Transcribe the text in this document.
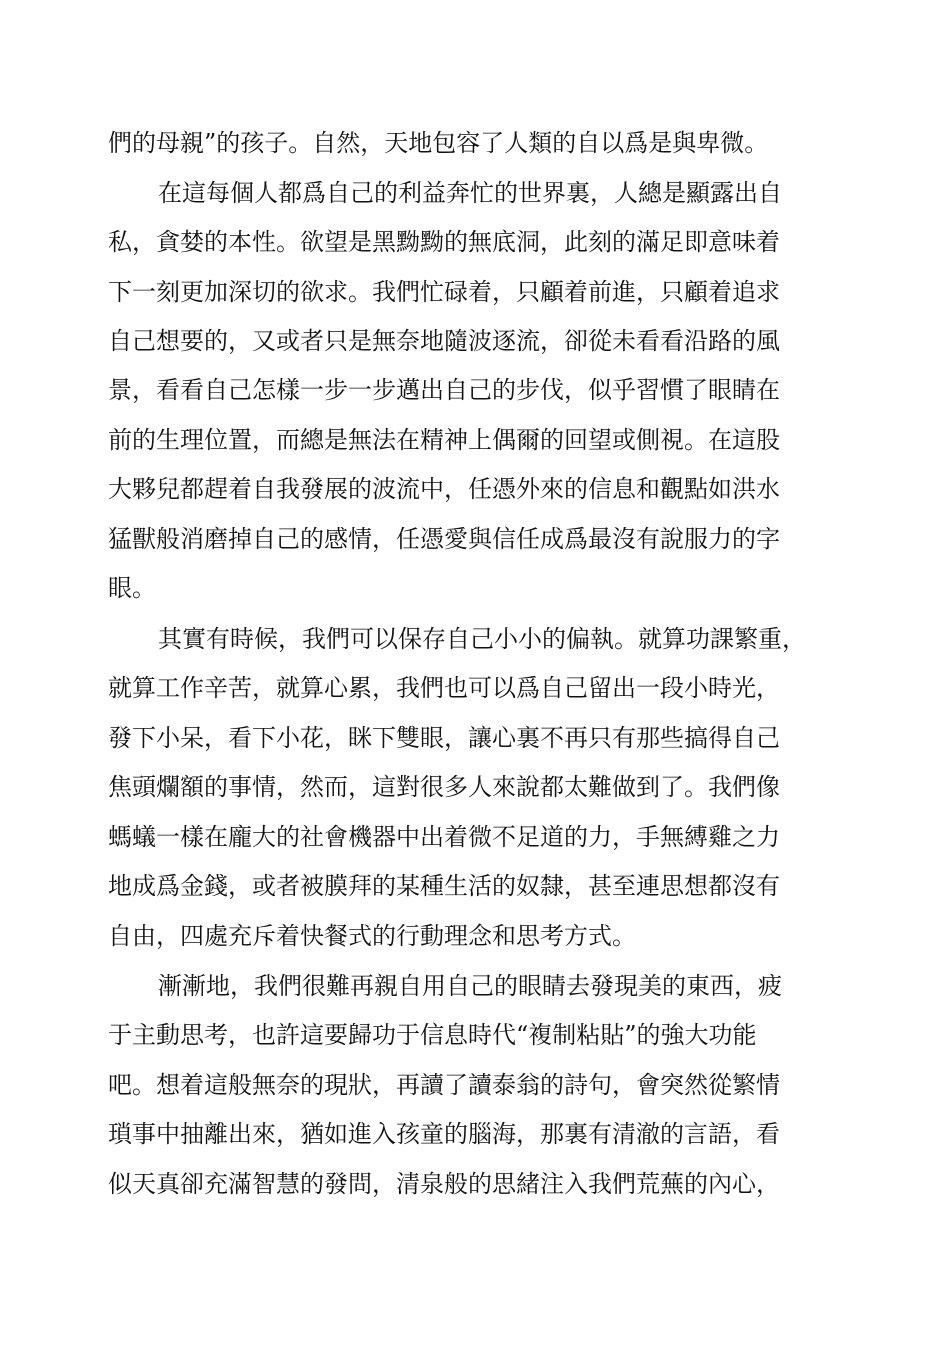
們的母親”的孩子。自然，天地包容了人類的自以爲是與卑微。
在這每個人都爲自己的利益奔忙的世界裏，人總是顯露出自
私，貪婪的本性。欲望是黑黝黝的無底洞，此刻的滿足即意味着
下一刻更加深切的欲求。我們忙碌着，只顧着前進，只顧着追求
自己想要的，又或者只是無奈地隨波逐流，卻從未看看沿路的風
景，看看自己怎樣一步一步邁出自己的步伐，似乎習慣了眼睛在
前的生理位置，而總是無法在精神上偶爾的回望或側視。在這股
大夥兒都趕着自我發展的波流中，任憑外來的信息和觀點如洪水
猛獸般消磨掉自己的感情，任憑愛與信任成爲最沒有說服力的字
眼。
其實有時候，我們可以保存自己小小的偏執。就算功課繁重，
就算工作辛苦，就算心累，我們也可以爲自己留出一段小時光，
發下小呆，看下小花，眯下雙眼，讓心裏不再只有那些搞得自己
焦頭爛額的事情，然而，這對很多人來說都太難做到了。我們像
螞蟻一樣在龐大的社會機器中出着微不足道的力，手無縛雞之力
地成爲金錢，或者被膜拜的某種生活的奴隸，甚至連思想都沒有
自由，四處充斥着快餐式的行動理念和思考方式。
漸漸地，我們很難再親自用自己的眼睛去發現美的東西，疲
于主動思考，也許這要歸功于信息時代“複制粘貼”的強大功能
吧。想着這般無奈的現狀，再讀了讀泰翁的詩句，會突然從繁情
瑣事中抽離出來，猶如進入孩童的腦海，那裏有清澈的言語，看
似天真卻充滿智慧的發問，清泉般的思緒注入我們荒蕪的內心，
